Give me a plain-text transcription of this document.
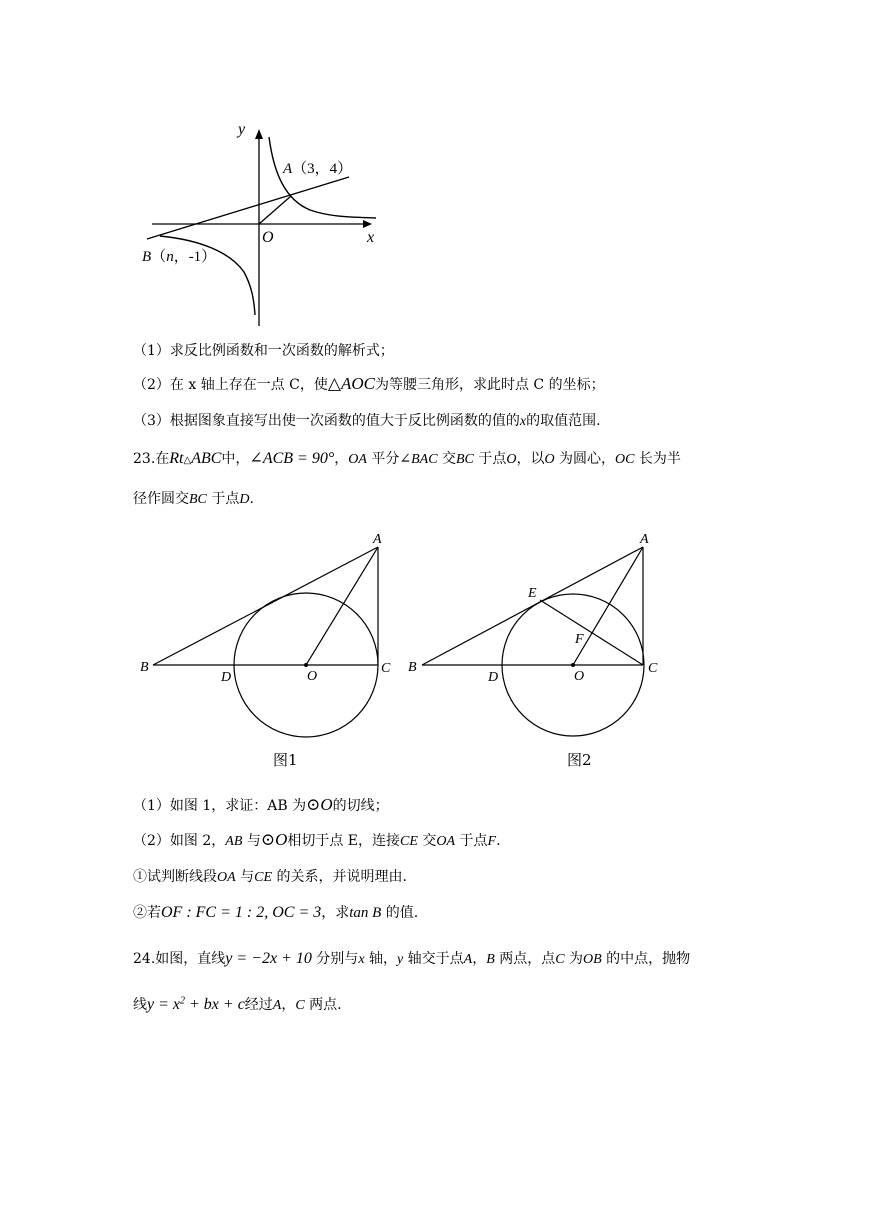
y
x
O
A（3，4）
B（n，-1）
（1）求反比例函数和一次函数的解析式；
（2）在 x 轴上存在一点 C，使△AOC为等腰三角形，求此时点 C 的坐标；
（3）根据图象直接写出使一次函数的值大于反比例函数的值的x的取值范围.
23.在Rt△ABC中，∠ACB = 90°，OA 平分∠BAC 交BC 于点O，以O 为圆心，OC 长为半
径作圆交BC 于点D.
A
B	C
D	O
图1
A
E
F
B	C
D	O
图2
（1）如图 1，求证：AB 为⊙O的切线；
（2）如图 2，AB 与⊙O相切于点 E，连接CE 交OA 于点F.
①试判断线段OA 与CE 的关系，并说明理由.
②若OF : FC = 1 : 2, OC = 3，求tan B 的值.
24.如图，直线y = −2x + 10 分别与x 轴，y 轴交于点A，B 两点，点C 为OB 的中点，抛物
线$y = x^2$ + bx + c经过A，C 两点.
